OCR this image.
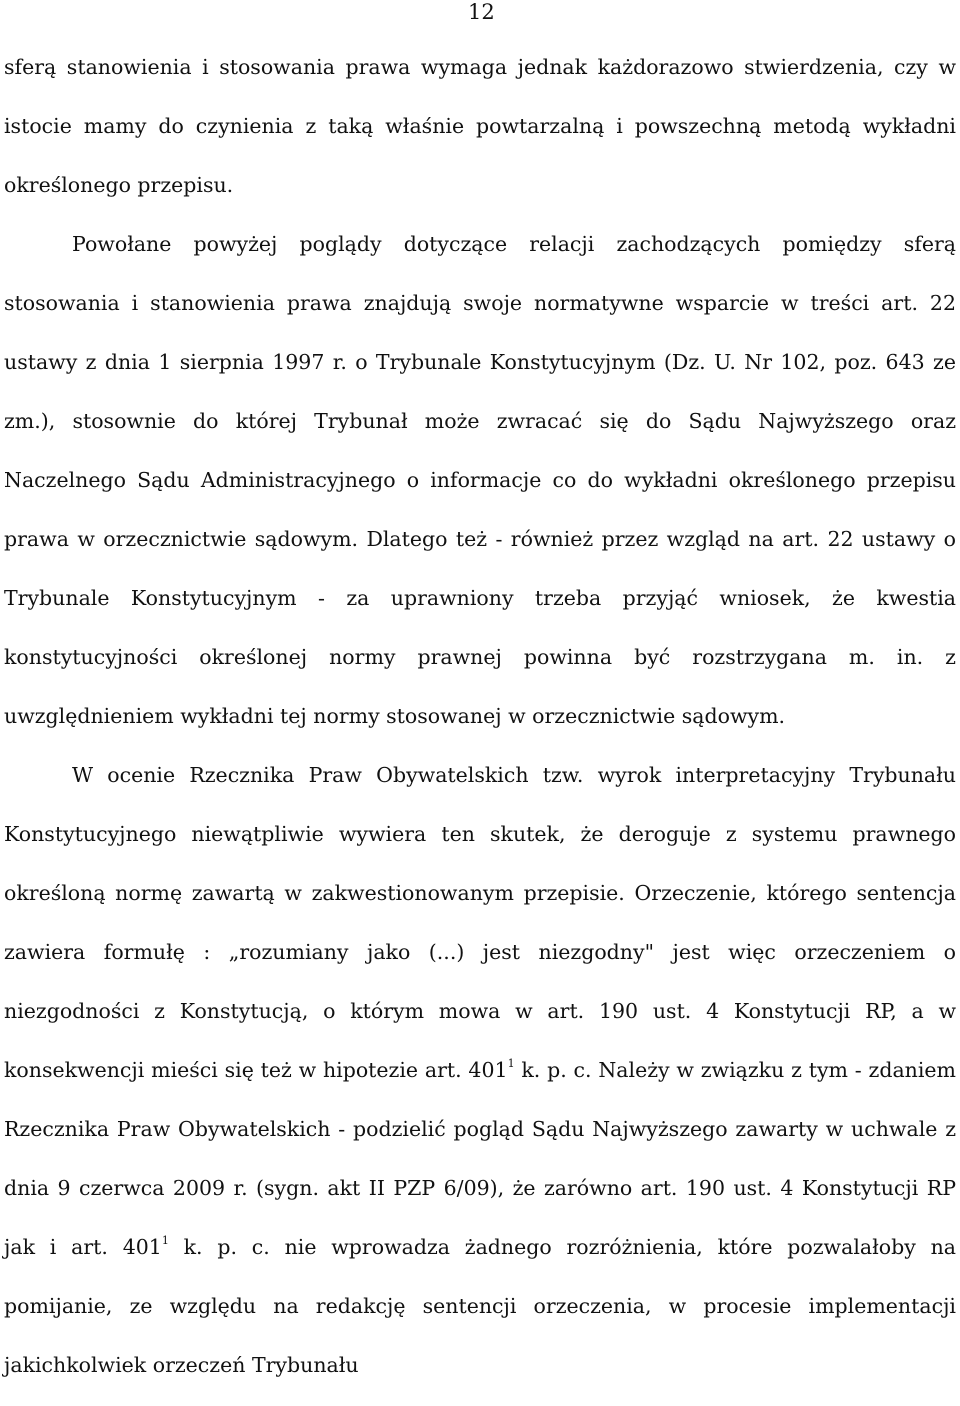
12

sferą stanowienia i stosowania prawa wymaga jednak każdorazowo stwierdzenia, czy w istocie mamy do czynienia z taką właśnie powtarzalną i powszechną metodą wykładni określonego przepisu.

Powołane powyżej poglądy dotyczące relacji zachodzących pomiędzy sferą stosowania i stanowienia prawa znajdują swoje normatywne wsparcie w treści art. 22 ustawy z dnia 1 sierpnia 1997 r. o Trybunale Konstytucyjnym (Dz. U. Nr 102, poz. 643 ze zm.), stosownie do której Trybunał może zwracać się do Sądu Najwyższego oraz Naczelnego Sądu Administracyjnego o informacje co do wykładni określonego przepisu prawa w orzecznictwie sądowym. Dlatego też - również przez wzgląd na art. 22 ustawy o Trybunale Konstytucyjnym - za uprawniony trzeba przyjąć wniosek, że kwestia konstytucyjności określonej normy prawnej powinna być rozstrzygana m. in. z uwzględnieniem wykładni tej normy stosowanej w orzecznictwie sądowym.

W ocenie Rzecznika Praw Obywatelskich tzw. wyrok interpretacyjny Trybunału Konstytucyjnego niewątpliwie wywiera ten skutek, że deroguje z systemu prawnego określoną normę zawartą w zakwestionowanym przepisie. Orzeczenie, którego sentencja zawiera formułę : „rozumiany jako (...) jest niezgodny" jest więc orzeczeniem o niezgodności z Konstytucją, o którym mowa w art. 190 ust. 4 Konstytucji RP, a w konsekwencji mieści się też w hipotezie art. $401^1$ k. p. c. Należy w związku z tym - zdaniem Rzecznika Praw Obywatelskich - podzielić pogląd Sądu Najwyższego zawarty w uchwale z dnia 9 czerwca 2009 r. (sygn. akt II PZP 6/09), że zarówno art. 190 ust. 4 Konstytucji RP jak i art. $401^1$ k. p. c. nie wprowadza żadnego rozróżnienia, które pozwalałoby na pomijanie, ze względu na redakcję sentencji orzeczenia, w procesie implementacji jakichkolwiek orzeczeń Trybunału
